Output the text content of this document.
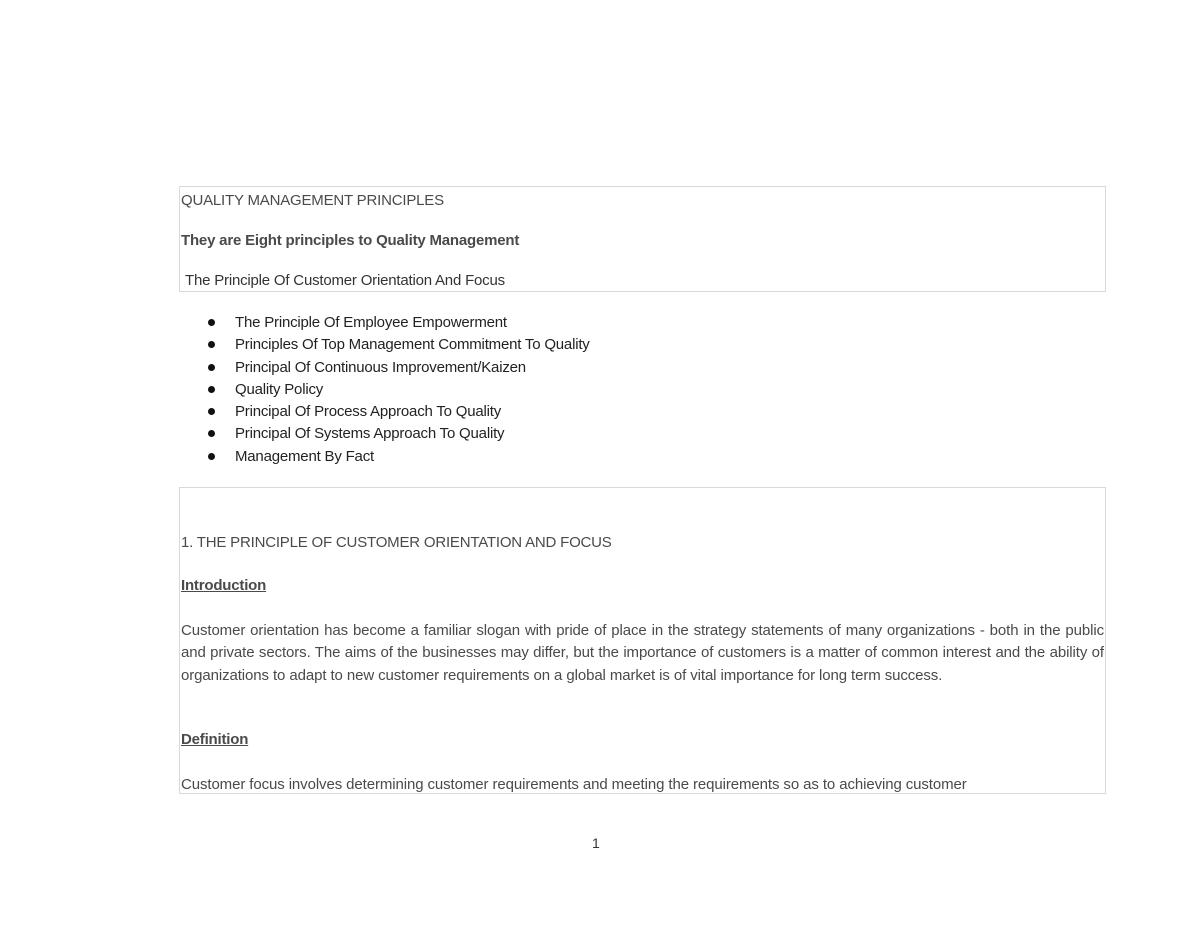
QUALITY MANAGEMENT PRINCIPLES
They are Eight principles to Quality Management
The Principle Of Customer Orientation And Focus
The Principle Of Employee Empowerment
Principles Of Top Management Commitment To Quality
Principal Of Continuous Improvement/Kaizen
Quality Policy
Principal Of Process Approach To Quality
Principal Of Systems Approach To Quality
Management By Fact
1. THE PRINCIPLE OF CUSTOMER ORIENTATION AND FOCUS
Introduction
Customer orientation has become a familiar slogan with pride of place in the strategy statements of many organizations - both in the public and private sectors. The aims of the businesses may differ, but the importance of customers is a matter of common interest and the ability of organizations to adapt to new customer requirements on a global market is of vital importance for long term success.
Definition
Customer focus involves determining customer requirements and meeting the requirements so as to achieving customer
1
